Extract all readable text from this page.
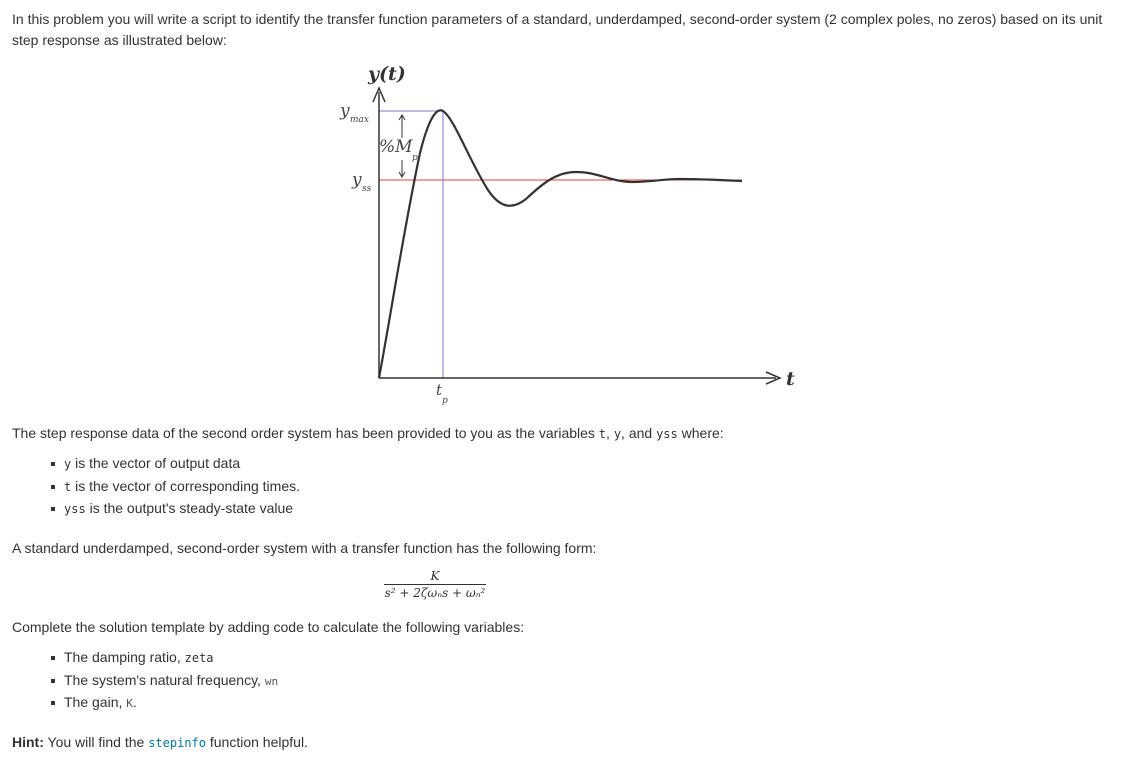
In this problem you will write a script to identify the transfer function parameters of a standard, underdamped, second-order system (2 complex poles, no zeros) based on its unit step response as illustrated below:

y(t)
t
y max
y ss
%M
p
t
p

The step response data of the second order system has been provided to you as the variables t, y, and yss where:

y is the vector of output data
t is the vector of corresponding times.
yss is the output's steady-state value

A standard underdamped, second-order system with a transfer function has the following form:

K
s² + 2ζωₙs + ωₙ²

Complete the solution template by adding code to calculate the following variables:

The damping ratio, zeta
The system's natural frequency, wn
The gain, K.

Hint: You will find the stepinfo function helpful.
